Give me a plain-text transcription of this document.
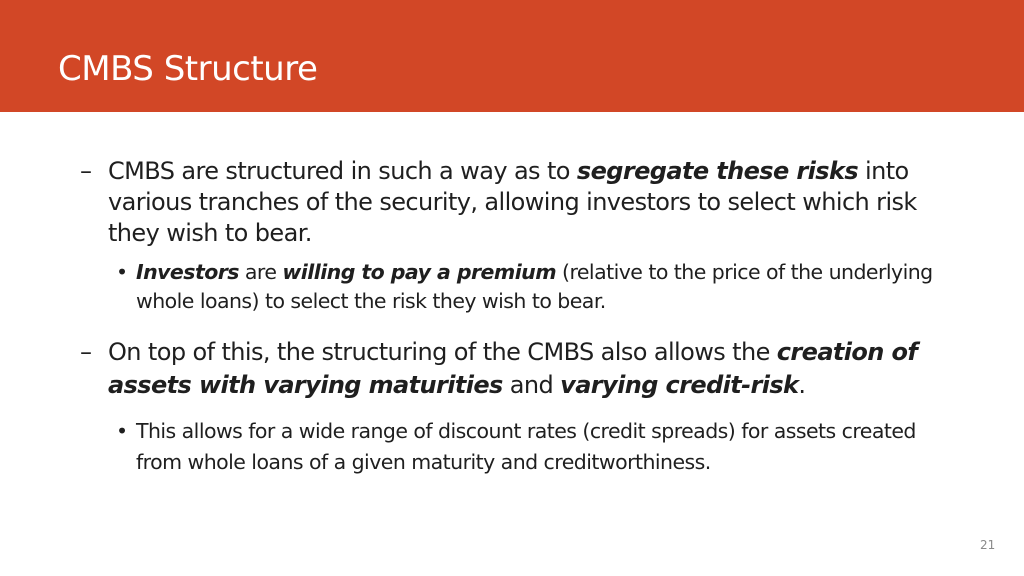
CMBS Structure
– CMBS are structured in such a way as to segregate these risks into various tranches of the security, allowing investors to select which risk they wish to bear.
• Investors are willing to pay a premium (relative to the price of the underlying whole loans) to select the risk they wish to bear.
– On top of this, the structuring of the CMBS also allows the creation of assets with varying maturities and varying credit-risk.
• This allows for a wide range of discount rates (credit spreads) for assets created from whole loans of a given maturity and creditworthiness.
21
